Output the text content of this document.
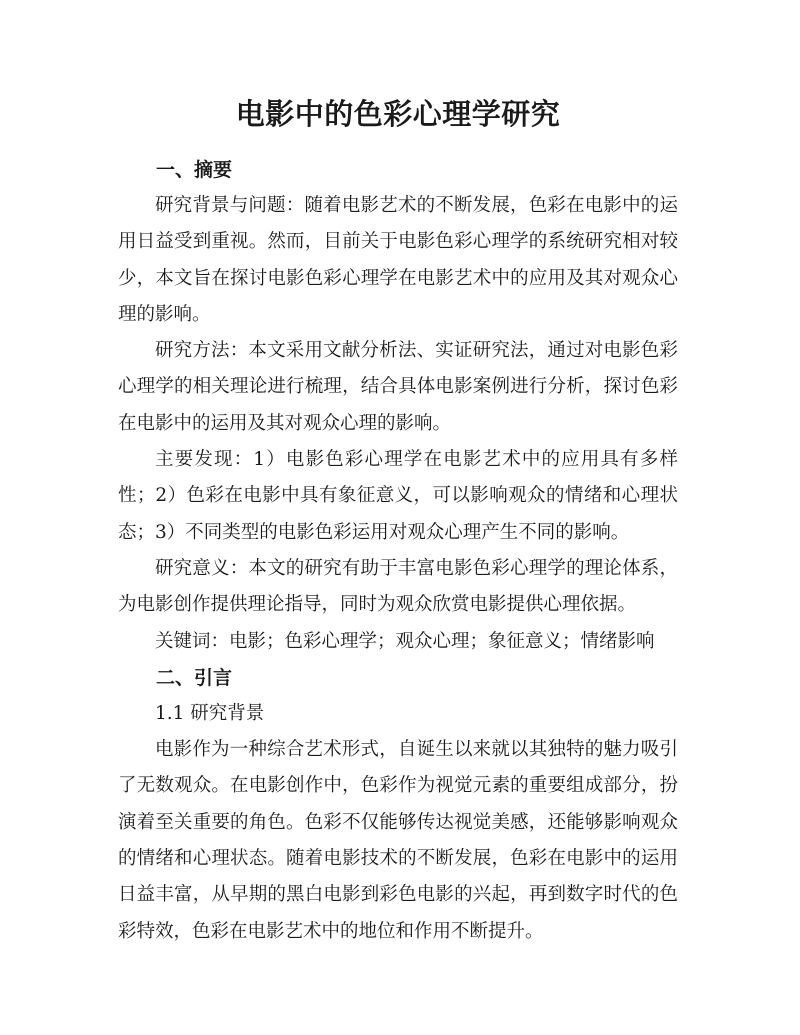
电影中的色彩心理学研究
一、摘要

研究背景与问题：随着电影艺术的不断发展，色彩在电影中的运用日益受到重视。然而，目前关于电影色彩心理学的系统研究相对较少，本文旨在探讨电影色彩心理学在电影艺术中的应用及其对观众心理的影响。

研究方法：本文采用文献分析法、实证研究法，通过对电影色彩心理学的相关理论进行梳理，结合具体电影案例进行分析，探讨色彩在电影中的运用及其对观众心理的影响。

主要发现：1）电影色彩心理学在电影艺术中的应用具有多样性；2）色彩在电影中具有象征意义，可以影响观众的情绪和心理状态；3）不同类型的电影色彩运用对观众心理产生不同的影响。

研究意义：本文的研究有助于丰富电影色彩心理学的理论体系，为电影创作提供理论指导，同时为观众欣赏电影提供心理依据。

关键词：电影；色彩心理学；观众心理；象征意义；情绪影响

二、引言

1.1 研究背景

电影作为一种综合艺术形式，自诞生以来就以其独特的魅力吸引了无数观众。在电影创作中，色彩作为视觉元素的重要组成部分，扮演着至关重要的角色。色彩不仅能够传达视觉美感，还能够影响观众的情绪和心理状态。随着电影技术的不断发展，色彩在电影中的运用日益丰富，从早期的黑白电影到彩色电影的兴起，再到数字时代的色彩特效，色彩在电影艺术中的地位和作用不断提升。
